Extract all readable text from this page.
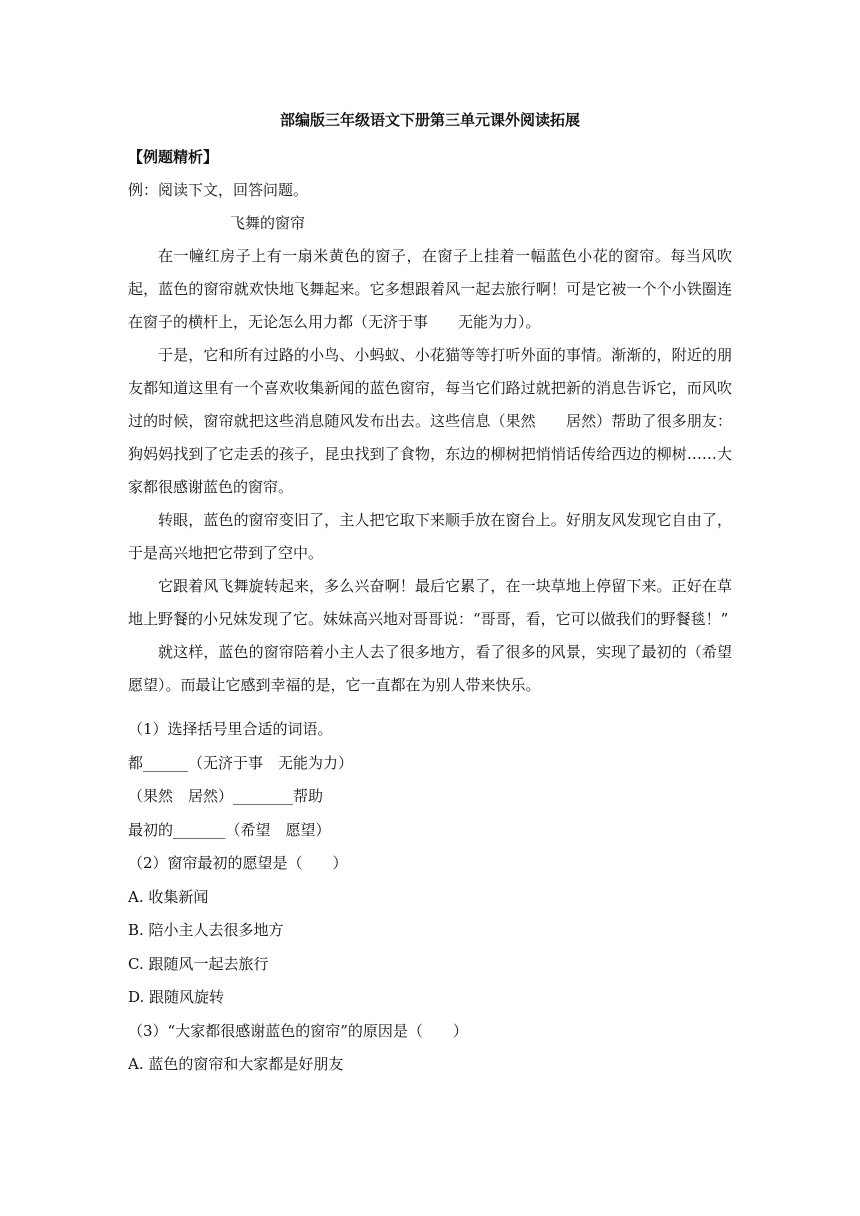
部编版三年级语文下册第三单元课外阅读拓展
【例题精析】
例：阅读下文，回答问题。
飞舞的窗帘
在一幢红房子上有一扇米黄色的窗子，在窗子上挂着一幅蓝色小花的窗帘。每当风吹起，蓝色的窗帘就欢快地飞舞起来。它多想跟着风一起去旅行啊！可是它被一个个小铁圈连在窗子的横杆上，无论怎么用力都（无济于事　　无能为力）。
于是，它和所有过路的小鸟、小蚂蚁、小花猫等等打听外面的事情。渐渐的，附近的朋友都知道这里有一个喜欢收集新闻的蓝色窗帘，每当它们路过就把新的消息告诉它，而风吹过的时候，窗帘就把这些消息随风发布出去。这些信息（果然　　居然）帮助了很多朋友：狗妈妈找到了它走丢的孩子，昆虫找到了食物，东边的柳树把悄悄话传给西边的柳树……大家都很感谢蓝色的窗帘。
转眼，蓝色的窗帘变旧了，主人把它取下来顺手放在窗台上。好朋友风发现它自由了，于是高兴地把它带到了空中。
它跟着风飞舞旋转起来，多么兴奋啊！最后它累了，在一块草地上停留下来。正好在草地上野餐的小兄妹发现了它。妹妹高兴地对哥哥说：“哥哥，看，它可以做我们的野餐毯！”
就这样，蓝色的窗帘陪着小主人去了很多地方，看了很多的风景，实现了最初的（希望　　愿望）。而最让它感到幸福的是，它一直都在为别人带来快乐。
（1）选择括号里合适的词语。
都______（无济于事　无能为力）
（果然　居然）________帮助
最初的_______（希望　愿望）
（2）窗帘最初的愿望是（　　）
A. 收集新闻
B. 陪小主人去很多地方
C. 跟随风一起去旅行
D. 跟随风旋转
（3）“大家都很感谢蓝色的窗帘”的原因是（　　）
A. 蓝色的窗帘和大家都是好朋友
